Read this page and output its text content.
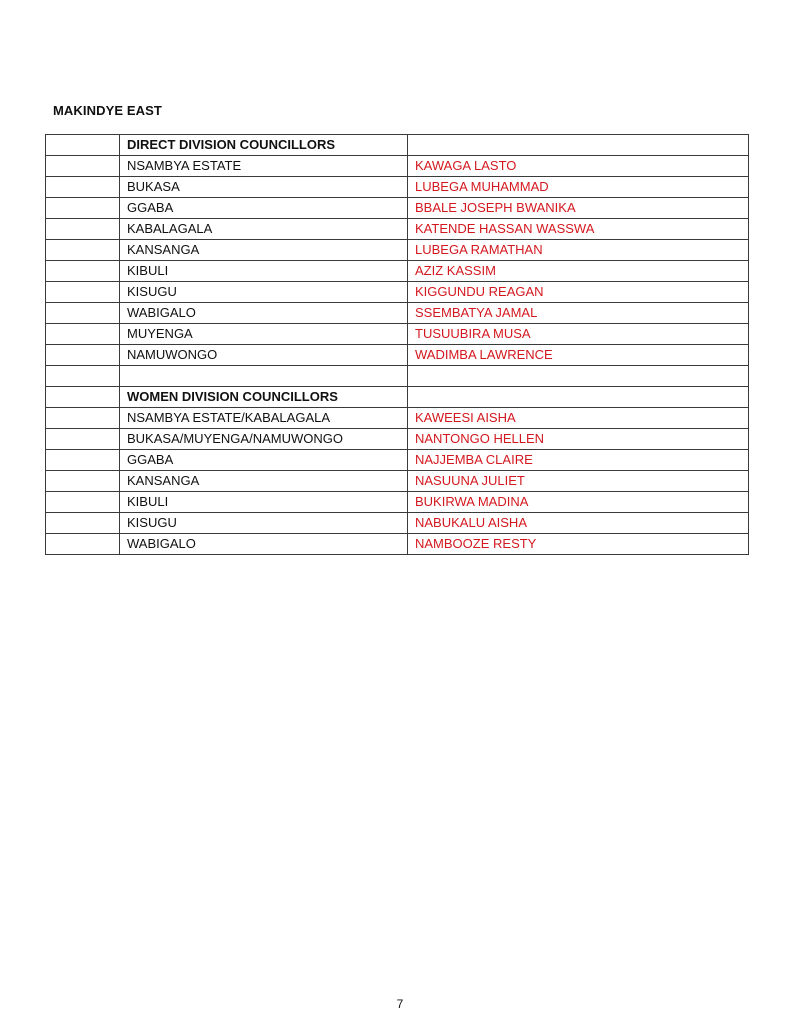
MAKINDYE EAST
	DIRECT DIVISION COUNCILLORS	
	NSAMBYA ESTATE	KAWAGA LASTO
	BUKASA	LUBEGA MUHAMMAD
	GGABA	BBALE JOSEPH BWANIKA
	KABALAGALA	KATENDE HASSAN WASSWA
	KANSANGA	LUBEGA RAMATHAN
	KIBULI	AZIZ KASSIM
	KISUGU	KIGGUNDU REAGAN
	WABIGALO	SSEMBATYA JAMAL
	MUYENGA	TUSUUBIRA MUSA
	NAMUWONGO	WADIMBA LAWRENCE

	WOMEN DIVISION COUNCILLORS	
	NSAMBYA ESTATE/KABALAGALA	KAWEESI AISHA
	BUKASA/MUYENGA/NAMUWONGO	NANTONGO HELLEN
	GGABA	NAJJEMBA CLAIRE
	KANSANGA	NASUUNA JULIET
	KIBULI	BUKIRWA MADINA
	KISUGU	NABUKALU AISHA
	WABIGALO	NAMBOOZE RESTY
7
